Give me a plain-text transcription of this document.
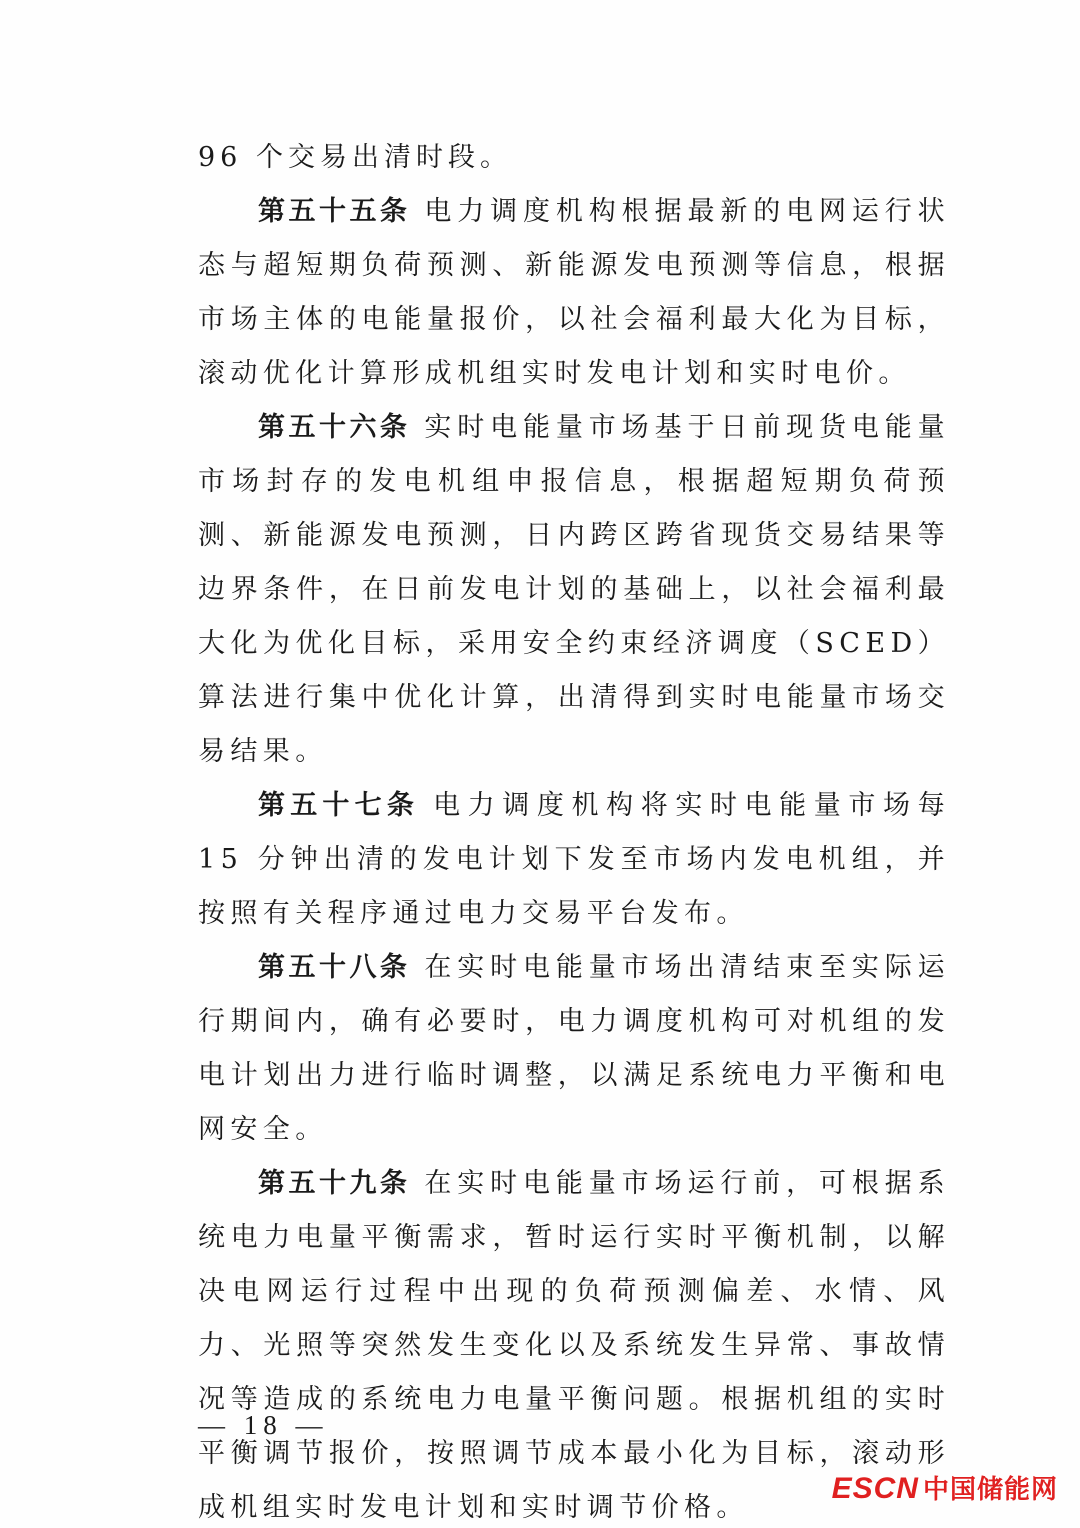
96 个交易出清时段。

第五十五条 电力调度机构根据最新的电网运行状态与超短期负荷预测、新能源发电预测等信息，根据市场主体的电能量报价，以社会福利最大化为目标，滚动优化计算形成机组实时发电计划和实时电价。

第五十六条 实时电能量市场基于日前现货电能量市场封存的发电机组申报信息，根据超短期负荷预测、新能源发电预测，日内跨区跨省现货交易结果等边界条件，在日前发电计划的基础上，以社会福利最大化为优化目标，采用安全约束经济调度（SCED）算法进行集中优化计算，出清得到实时电能量市场交易结果。

第五十七条 电力调度机构将实时电能量市场每 15 分钟出清的发电计划下发至市场内发电机组，并按照有关程序通过电力交易平台发布。

第五十八条 在实时电能量市场出清结束至实际运行期间内，确有必要时，电力调度机构可对机组的发电计划出力进行临时调整，以满足系统电力平衡和电网安全。

第五十九条 在实时电能量市场运行前，可根据系统电力电量平衡需求，暂时运行实时平衡机制，以解决电网运行过程中出现的负荷预测偏差、水情、风力、光照等突然发生变化以及系统发生异常、事故情况等造成的系统电力电量平衡问题。根据机组的实时平衡调节报价，按照调节成本最小化为目标，滚动形成机组实时发电计划和实时调节价格。

— 18 —
ESCN 中国储能网
